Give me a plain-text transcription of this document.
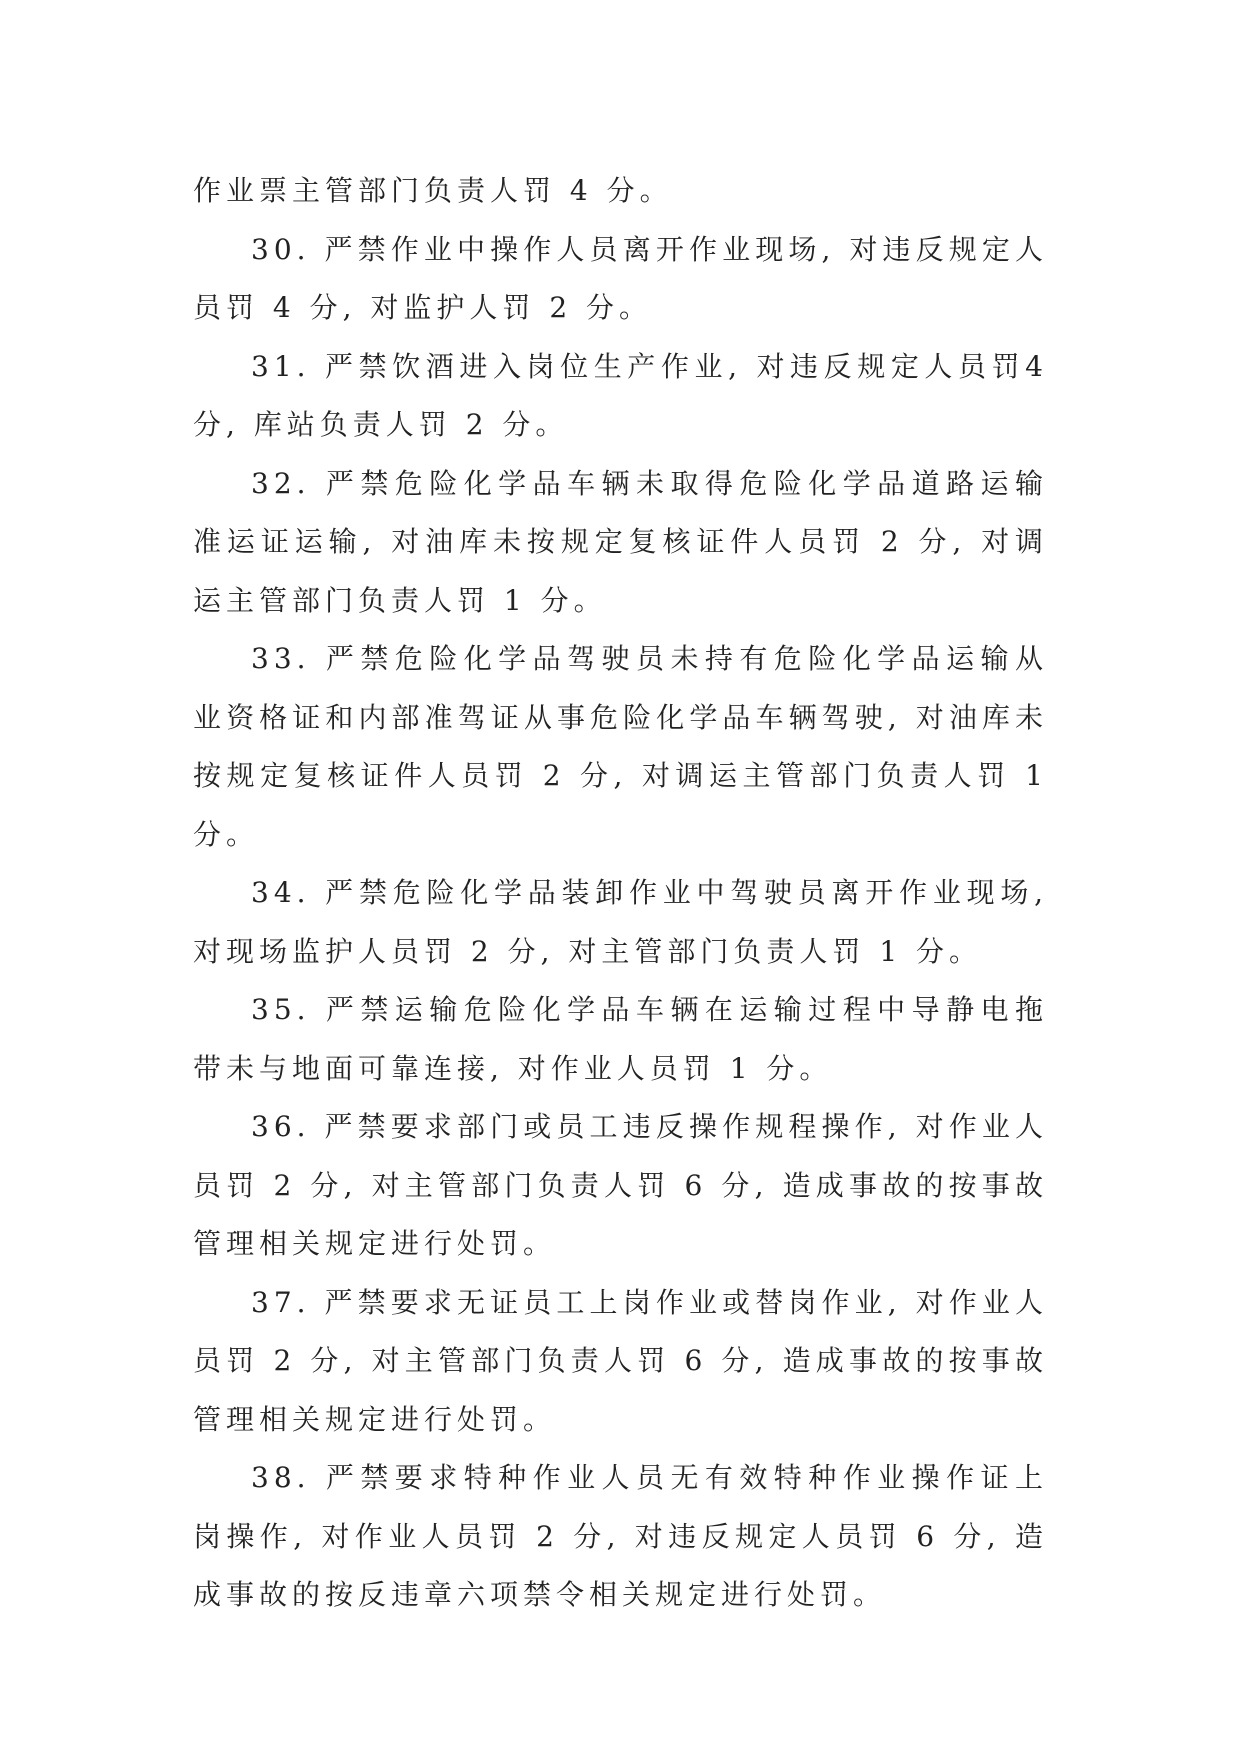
作业票主管部门负责人罚 4 分。

30. 严禁作业中操作人员离开作业现场, 对违反规定人员罚 4 分, 对监护人罚 2 分。

31. 严禁饮酒进入岗位生产作业, 对违反规定人员罚4分, 库站负责人罚 2 分。

32. 严禁危险化学品车辆未取得危险化学品道路运输准运证运输, 对油库未按规定复核证件人员罚 2 分, 对调运主管部门负责人罚 1 分。

33. 严禁危险化学品驾驶员未持有危险化学品运输从业资格证和内部准驾证从事危险化学品车辆驾驶, 对油库未按规定复核证件人员罚 2 分, 对调运主管部门负责人罚 1 分。

34. 严禁危险化学品装卸作业中驾驶员离开作业现场, 对现场监护人员罚 2 分, 对主管部门负责人罚 1 分。

35. 严禁运输危险化学品车辆在运输过程中导静电拖带未与地面可靠连接, 对作业人员罚 1 分。

36. 严禁要求部门或员工违反操作规程操作, 对作业人员罚 2 分, 对主管部门负责人罚 6 分, 造成事故的按事故管理相关规定进行处罚。

37. 严禁要求无证员工上岗作业或替岗作业, 对作业人员罚 2 分, 对主管部门负责人罚 6 分, 造成事故的按事故管理相关规定进行处罚。

38. 严禁要求特种作业人员无有效特种作业操作证上岗操作, 对作业人员罚 2 分, 对违反规定人员罚 6 分, 造成事故的按反违章六项禁令相关规定进行处罚。
